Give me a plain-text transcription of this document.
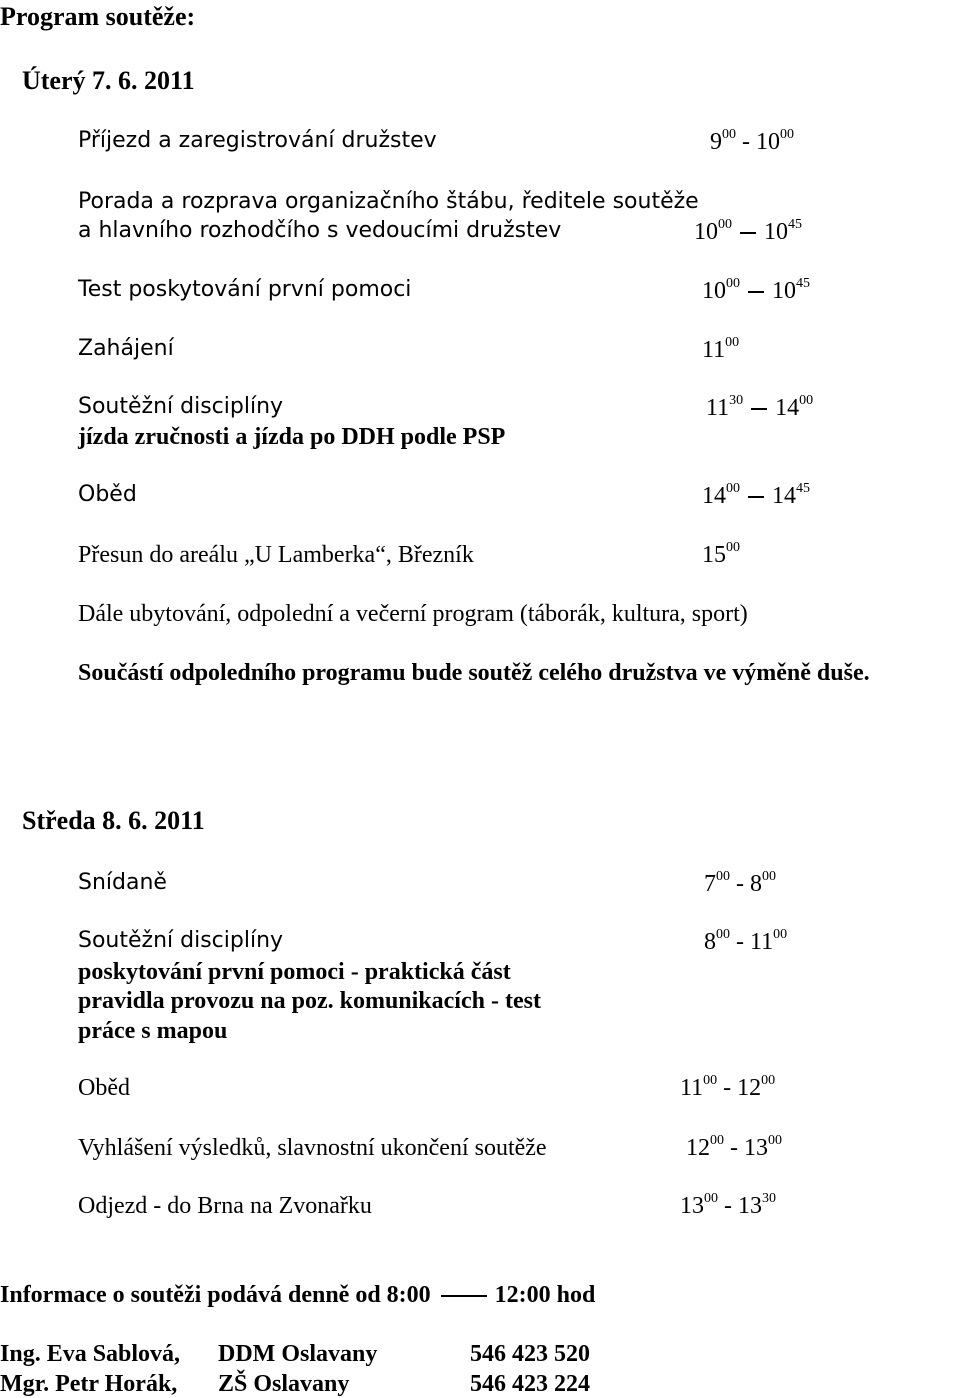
Program soutěže:
Úterý 7. 6. 2011
Příjezd a zaregistrování družstev	$9^{00} - 10^{00}$
Porada a rozprava organizačního štábu, ředitele soutěže
a hlavního rozhodčího s vedoucími družstev	$10^{00}$ $10^{45}$
Test poskytování první pomoci	$10^{00}$ $10^{45}$
Zahájení	$11^{00}$
Soutěžní disciplíny	$11^{30}$ $14^{00}$
jízda zručnosti a jízda po DDH podle PSP
Oběd	$14^{00}$ $14^{45}$
Přesun do areálu „U Lamberka“, Březník	$15^{00}$
Dále ubytování, odpolední a večerní program (táborák, kultura, sport)
Součástí odpoledního programu bude soutěž celého družstva ve výměně duše.
Středa 8. 6. 2011
Snídaně	$7^{00} - 8^{00}$
Soutěžní disciplíny	$8^{00} - 11^{00}$
poskytování první pomoci - praktická část
pravidla provozu na poz. komunikacích - test
práce s mapou
Oběd	$11^{00} - 12^{00}$
Vyhlášení výsledků, slavnostní ukončení soutěže	$12^{00} - 13^{00}$
Odjezd - do Brna na Zvonařku	$13^{00} - 13^{30}$
Informace o soutěži podává denně od 8:00	12:00 hod
Ing. Eva Sablová, DDM Oslavany	546 423 520
Mgr. Petr Horák, ZŠ Oslavany	546 423 224
